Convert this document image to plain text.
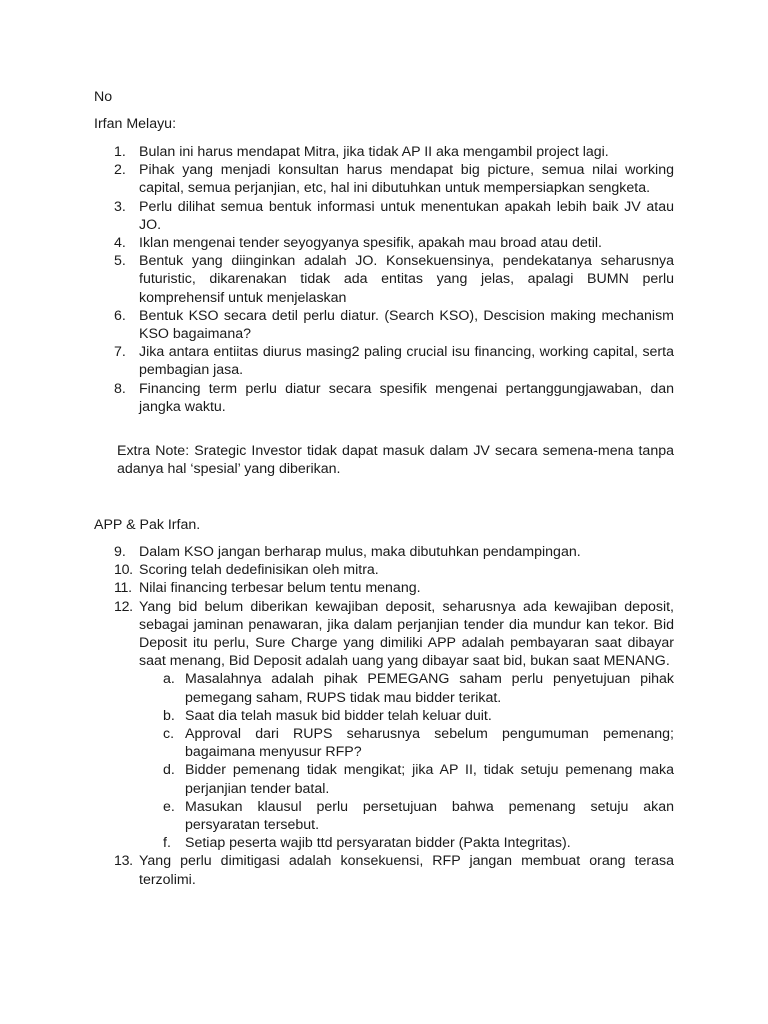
No

Irfan Melayu:

1. Bulan ini harus mendapat Mitra, jika tidak AP II aka mengambil project lagi.
2. Pihak yang menjadi konsultan harus mendapat big picture, semua nilai working capital, semua perjanjian, etc, hal ini dibutuhkan untuk mempersiapkan sengketa.
3. Perlu dilihat semua bentuk informasi untuk menentukan apakah lebih baik JV atau JO.
4. Iklan mengenai tender seyogyanya spesifik, apakah mau broad atau detil.
5. Bentuk yang diinginkan adalah JO. Konsekuensinya, pendekatanya seharusnya futuristic, dikarenakan tidak ada entitas yang jelas, apalagi BUMN perlu komprehensif untuk menjelaskan
6. Bentuk KSO secara detil perlu diatur. (Search KSO), Descision making mechanism KSO bagaimana?
7. Jika antara entiitas diurus masing2 paling crucial isu financing, working capital, serta pembagian jasa.
8. Financing term perlu diatur secara spesifik mengenai pertanggungjawaban, dan jangka waktu.

Extra Note: Srategic Investor tidak dapat masuk dalam JV secara semena-mena tanpa adanya hal ‘spesial’ yang diberikan.

APP & Pak Irfan.

9. Dalam KSO jangan berharap mulus, maka dibutuhkan pendampingan.
10. Scoring telah dedefinisikan oleh mitra.
11. Nilai financing terbesar belum tentu menang.
12. Yang bid belum diberikan kewajiban deposit, seharusnya ada kewajiban deposit, sebagai jaminan penawaran, jika dalam perjanjian tender dia mundur kan tekor. Bid Deposit itu perlu, Sure Charge yang dimiliki APP adalah pembayaran saat dibayar saat menang, Bid Deposit adalah uang yang dibayar saat bid, bukan saat MENANG.
a. Masalahnya adalah pihak PEMEGANG saham perlu penyetujuan pihak pemegang saham, RUPS tidak mau bidder terikat.
b. Saat dia telah masuk bid bidder telah keluar duit.
c. Approval dari RUPS seharusnya sebelum pengumuman pemenang; bagaimana menyusur RFP?
d. Bidder pemenang tidak mengikat; jika AP II, tidak setuju pemenang maka perjanjian tender batal.
e. Masukan klausul perlu persetujuan bahwa pemenang setuju akan persyaratan tersebut.
f. Setiap peserta wajib ttd persyaratan bidder (Pakta Integritas).
13. Yang perlu dimitigasi adalah konsekuensi, RFP jangan membuat orang terasa terzolimi.
